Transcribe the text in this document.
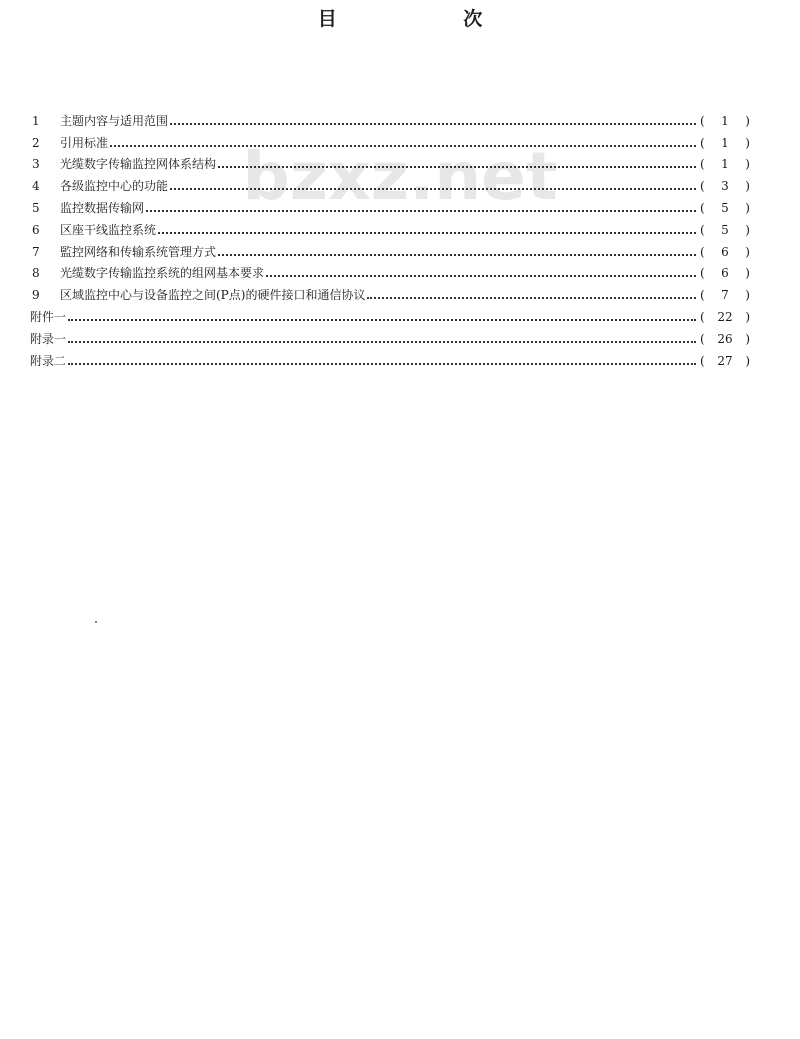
目 次
bzxz.net
1	主题内容与适用范围	( 1 )
2	引用标准	( 1 )
3	光缆数字传输监控网体系结构	( 1 )
4	各级监控中心的功能	( 3 )
5	监控数据传输网	( 5 )
6	区座干线监控系统	( 5 )
7	監控网络和传输系统管理方式	( 6 )
8	光缆数字传输监控系统的组网基本要求	( 6 )
9	区域监控中心与设备监控之间(P点)的硬件接口和通信协议	( 7 )
附件一	( 22 )
附录一	( 26 )
附录二	( 27 )
